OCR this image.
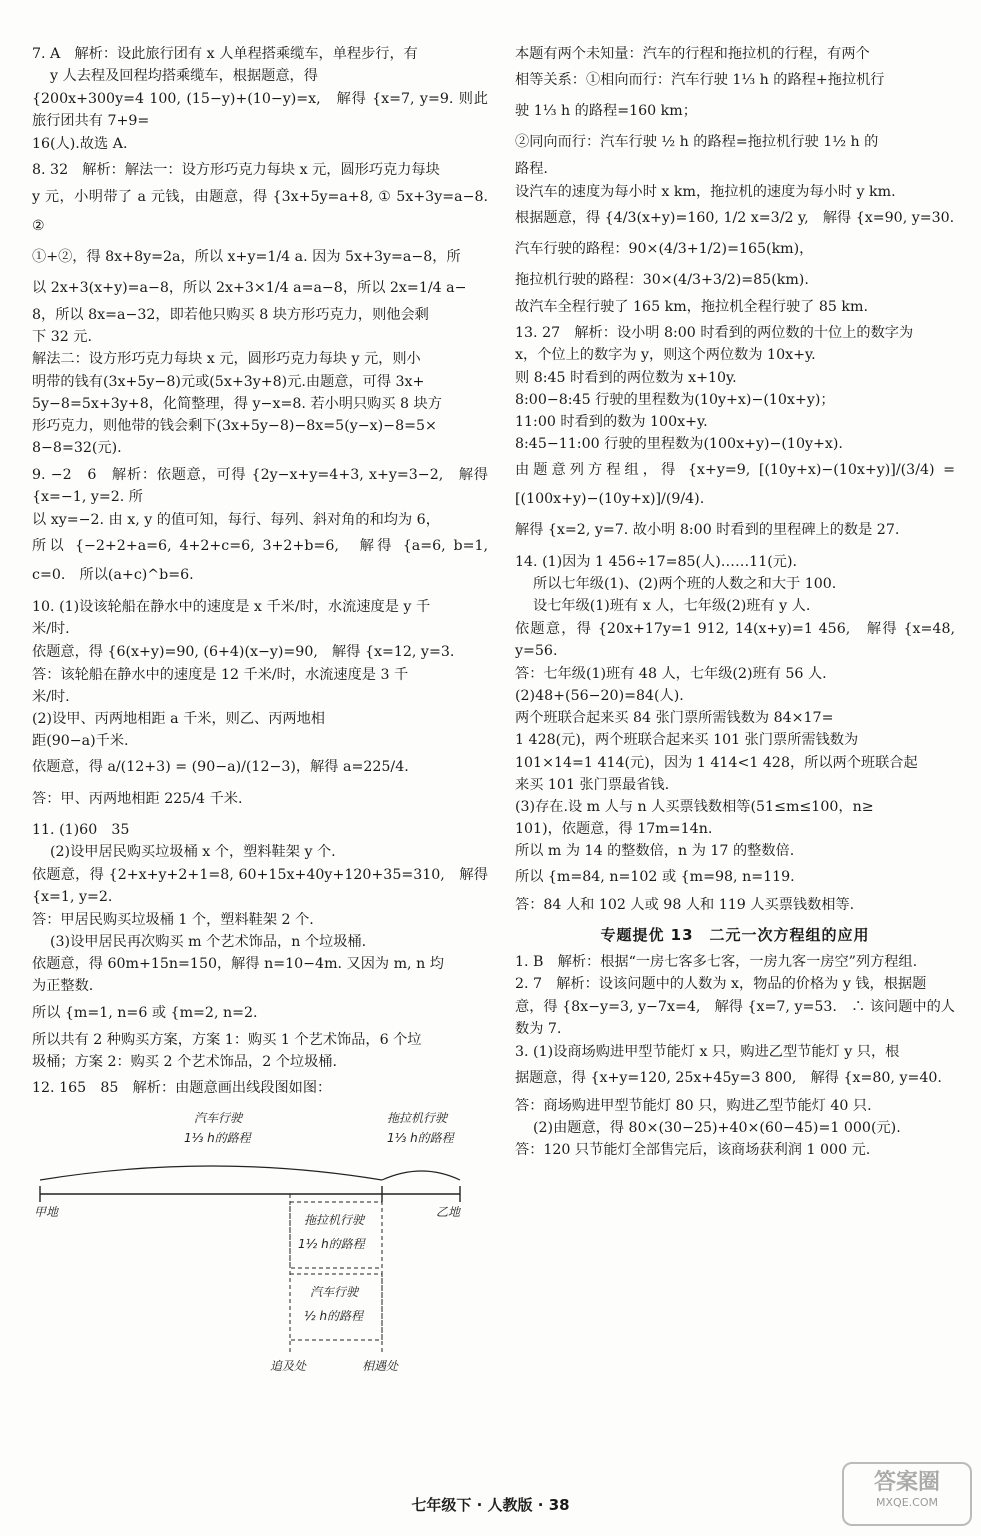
7. A　解析：设此旅行团有 x 人单程搭乘缆车，单程步行，有

y 人去程及回程均搭乘缆车，根据题意，得

{200x+300y=4 100, (15−y)+(10−y)=x,　解得 {x=7, y=9. 则此旅行团共有 7+9=

16(人).故选 A.

8. 32　解析：解法一：设方形巧克力每块 x 元，圆形巧克力每块

y 元，小明带了 a 元钱，由题意，得 {3x+5y=a+8, ① 5x+3y=a−8. ②

①+②，得 8x+8y=2a，所以 x+y=1/4 a. 因为 5x+3y=a−8，所

以 2x+3(x+y)=a−8，所以 2x+3×1/4 a=a−8，所以 2x=1/4 a−

8，所以 8x=a−32，即若他只购买 8 块方形巧克力，则他会剩

下 32 元.

解法二：设方形巧克力每块 x 元，圆形巧克力每块 y 元，则小

明带的钱有(3x+5y−8)元或(5x+3y+8)元.由题意，可得 3x+

5y−8=5x+3y+8，化简整理，得 y−x=8. 若小明只购买 8 块方

形巧克力，则他带的钱会剩下(3x+5y−8)−8x=5(y−x)−8=5×

8−8=32(元).

9. −2　6　解析：依题意，可得 {2y−x+y=4+3, x+y=3−2,　解得 {x=−1, y=2. 所

以 xy=−2. 由 x, y 的值可知，每行、每列、斜对角的和均为 6，

所以 {−2+2+a=6, 4+2+c=6, 3+2+b=6,　解得 {a=6, b=1, c=0.　所以(a+c)^b=6.

10. (1)设该轮船在静水中的速度是 x 千米/时，水流速度是 y 千

米/时.

依题意，得 {6(x+y)=90, (6+4)(x−y)=90,　解得 {x=12, y=3.

答：该轮船在静水中的速度是 12 千米/时，水流速度是 3 千

米/时.

(2)设甲、丙两地相距 a 千米，则乙、丙两地相

距(90−a)千米.

依题意，得 a/(12+3) = (90−a)/(12−3)，解得 a=225/4.

答：甲、丙两地相距 225/4 千米.

11. (1)60　35

(2)设甲居民购买垃圾桶 x 个，塑料鞋架 y 个.

依题意，得 {2+x+y+2+1=8, 60+15x+40y+120+35=310,　解得 {x=1, y=2.

答：甲居民购买垃圾桶 1 个，塑料鞋架 2 个.

(3)设甲居民再次购买 m 个艺术饰品，n 个垃圾桶.

依题意，得 60m+15n=150，解得 n=10−4m. 又因为 m, n 均

为正整数.

所以 {m=1, n=6 或 {m=2, n=2.

所以共有 2 种购买方案，方案 1：购买 1 个艺术饰品，6 个垃

圾桶；方案 2：购买 2 个艺术饰品，2 个垃圾桶.

12. 165　85　解析：由题意画出线段图如图：

汽车行驶
1⅓ h的路程
拖拉机行驶
1⅓ h的路程
甲地	乙地
拖拉机行驶
1½ h的路程
汽车行驶
½ h的路程
追及处	相遇处

本题有两个未知量：汽车的行程和拖拉机的行程，有两个

相等关系：①相向而行：汽车行驶 1⅓ h 的路程+拖拉机行

驶 1⅓ h 的路程=160 km；

②同向而行：汽车行驶 ½ h 的路程=拖拉机行驶 1½ h 的

路程.

设汽车的速度为每小时 x km，拖拉机的速度为每小时 y km.

根据题意，得 {4/3(x+y)=160, 1/2 x=3/2 y,　解得 {x=90, y=30.

汽车行驶的路程：90×(4/3+1/2)=165(km)，

拖拉机行驶的路程：30×(4/3+3/2)=85(km).

故汽车全程行驶了 165 km，拖拉机全程行驶了 85 km.

13. 27　解析：设小明 8:00 时看到的两位数的十位上的数字为

x，个位上的数字为 y，则这个两位数为 10x+y.

则 8:45 时看到的两位数为 x+10y.

8:00−8:45 行驶的里程数为(10y+x)−(10x+y)；

11:00 时看到的数为 100x+y.

8:45−11:00 行驶的里程数为(100x+y)−(10y+x).

由题意列方程组，得 {x+y=9, [(10y+x)−(10x+y)]/(3/4) = [(100x+y)−(10y+x)]/(9/4).

解得 {x=2, y=7. 故小明 8:00 时看到的里程碑上的数是 27.

14. (1)因为 1 456÷17=85(人)……11(元).

所以七年级(1)、(2)两个班的人数之和大于 100.

设七年级(1)班有 x 人，七年级(2)班有 y 人.

依题意，得 {20x+17y=1 912, 14(x+y)=1 456,　解得 {x=48, y=56.

答：七年级(1)班有 48 人，七年级(2)班有 56 人.

(2)48+(56−20)=84(人).

两个班联合起来买 84 张门票所需钱数为 84×17=

1 428(元)，两个班联合起来买 101 张门票所需钱数为

101×14=1 414(元)，因为 1 414<1 428，所以两个班联合起

来买 101 张门票最省钱.

(3)存在.设 m 人与 n 人买票钱数相等(51≤m≤100，n≥

101)，依题意，得 17m=14n.

所以 m 为 14 的整数倍，n 为 17 的整数倍.

所以 {m=84, n=102 或 {m=98, n=119.

答：84 人和 102 人或 98 人和 119 人买票钱数相等.

专题提优 13　二元一次方程组的应用

1. B　解析：根据“一房七客多七客，一房九客一房空”列方程组.

2. 7　解析：设该问题中的人数为 x，物品的价格为 y 钱，根据题

意，得 {8x−y=3, y−7x=4,　解得 {x=7, y=53.　∴ 该问题中的人数为 7.

3. (1)设商场购进甲型节能灯 x 只，购进乙型节能灯 y 只，根

据题意，得 {x+y=120, 25x+45y=3 800,　解得 {x=80, y=40.

答：商场购进甲型节能灯 80 只，购进乙型节能灯 40 只.

(2)由题意，得 80×(30−25)+40×(60−45)=1 000(元).

答：120 只节能灯全部售完后，该商场获利润 1 000 元.

七年级下 · 人教版 · 38
答案圈
MXQE.COM
